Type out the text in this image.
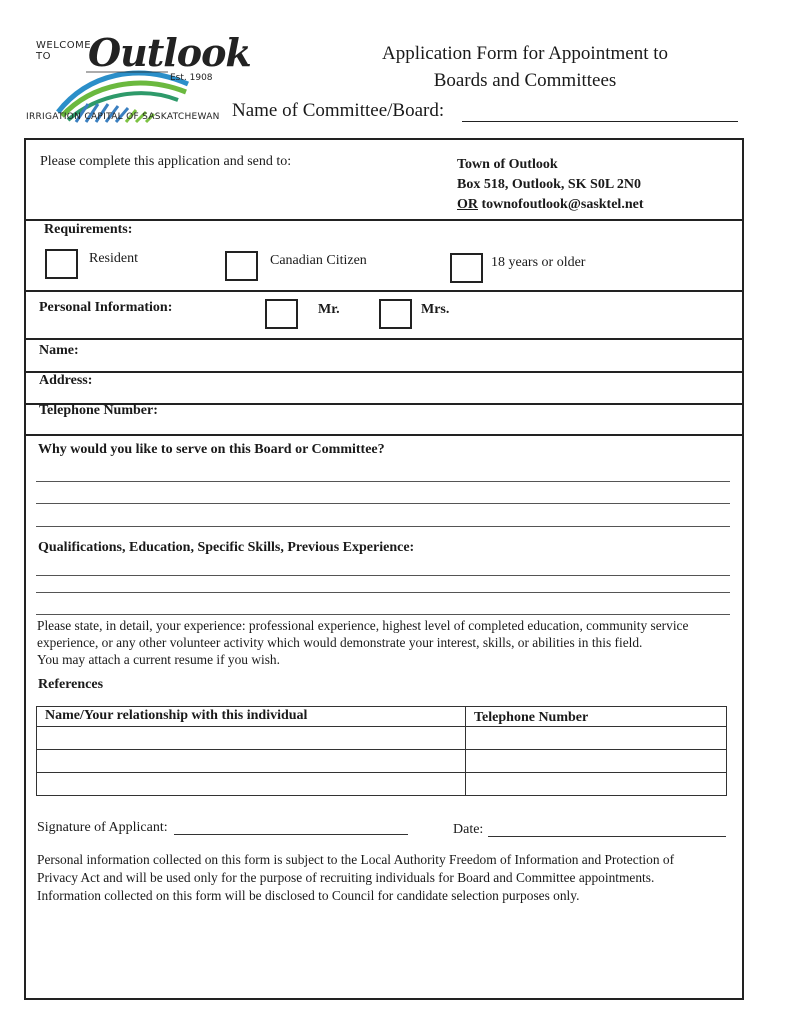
WELCOME
TO Outlook
Est. 1908
IRRIGATION CAPITAL OF SASKATCHEWAN
Application Form for Appointment to
Boards and Committees
Name of Committee/Board:
Please complete this application and send to:	Town of Outlook
Box 518, Outlook, SK S0L 2N0
OR townofoutlook@sasktel.net
Requirements:
Resident	Canadian Citizen	18 years or older
Personal Information:	Mr.	Mrs.
Name:
Address:
Telephone Number:
Why would you like to serve on this Board or Committee?
Qualifications, Education, Specific Skills, Previous Experience:
Please state, in detail, your experience: professional experience, highest level of completed education, community service
experience, or any other volunteer activity which would demonstrate your interest, skills, or abilities in this field.
You may attach a current resume if you wish.
References
Name/Your relationship with this individual	Telephone Number
Signature of Applicant:	Date:
Personal information collected on this form is subject to the Local Authority Freedom of Information and Protection of
Privacy Act and will be used only for the purpose of recruiting individuals for Board and Committee appointments.
Information collected on this form will be disclosed to Council for candidate selection purposes only.
